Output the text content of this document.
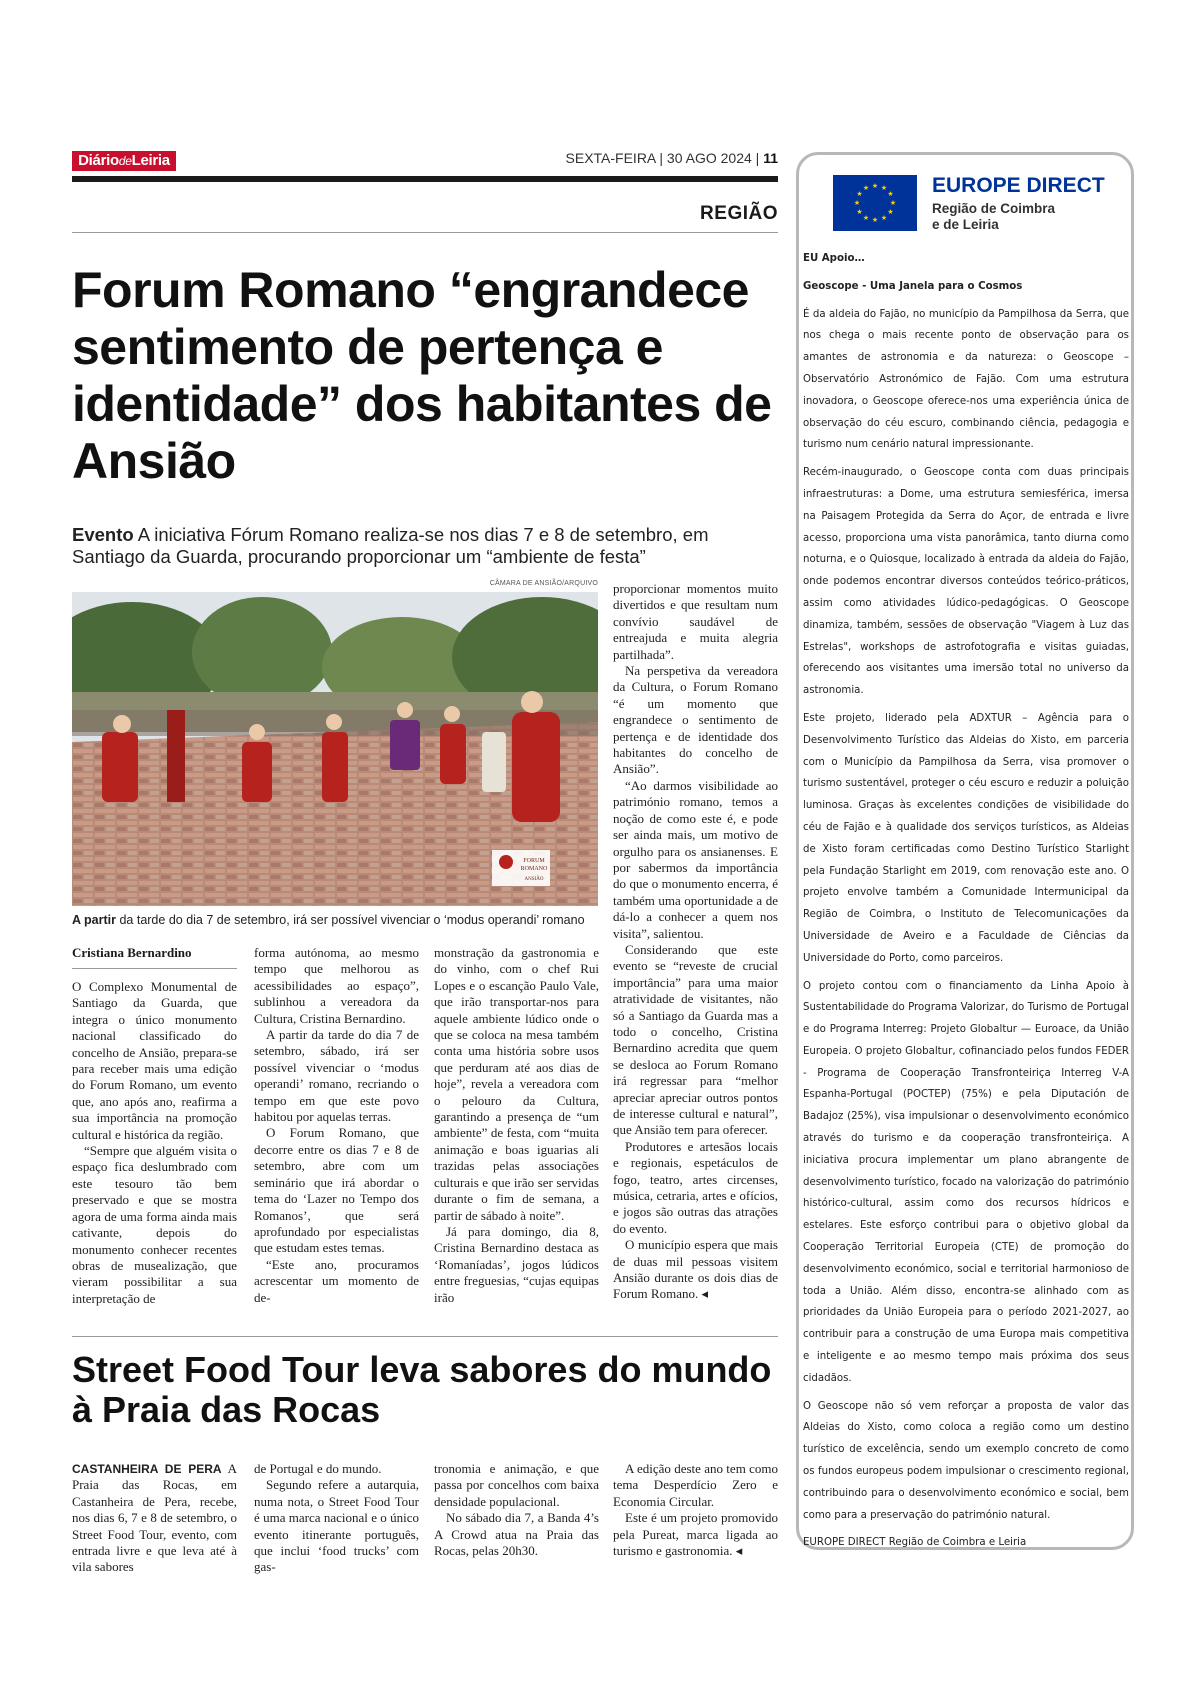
DiáriodeLeiria	SEXTA-FEIRA | 30 AGO 2024 | 11
REGIÃO
Forum Romano “engrandece sentimento de pertença e identidade” dos habitantes de Ansião
Evento A iniciativa Fórum Romano realiza-se nos dias 7 e 8 de setembro, em Santiago da Guarda, procurando proporcionar um “ambiente de festa”
CÂMARA DE ANSIÃO/ARQUIVO
FORUM
ROMANO
ANSIÃO
A partir da tarde do dia 7 de setembro, irá ser possível vivenciar o ‘modus operandi’ romano
Cristiana Bernardino

O Complexo Monumental de Santiago da Guarda, que integra o único monumento nacional classificado do concelho de Ansião, prepara-se para receber mais uma edição do Forum Romano, um evento que, ano após ano, reafirma a sua importância na promoção cultural e histórica da região.

“Sempre que alguém visita o espaço fica deslumbrado com este tesouro tão bem preservado e que se mostra agora de uma forma ainda mais cativante, depois do monumento conhecer recentes obras de musealização, que vieram possibilitar a sua interpretação de

forma autónoma, ao mesmo tempo que melhorou as acessibilidades ao espaço”, sublinhou a vereadora da Cultura, Cristina Bernardino.

A partir da tarde do dia 7 de setembro, sábado, irá ser possível vivenciar o ‘modus operandi’ romano, recriando o tempo em que este povo habitou por aquelas terras.

O Forum Romano, que decorre entre os dias 7 e 8 de setembro, abre com um seminário que irá abordar o tema do ‘Lazer no Tempo dos Romanos’, que será aprofundado por especialistas que estudam estes temas.

“Este ano, procuramos acrescentar um momento de de-

monstração da gastronomia e do vinho, com o chef Rui Lopes e o escanção Paulo Vale, que irão transportar-nos para aquele ambiente lúdico onde o que se coloca na mesa também conta uma história sobre usos que perduram até aos dias de hoje”, revela a vereadora com o pelouro da Cultura, garantindo a presença de “um ambiente” de festa, com “muita animação e boas iguarias ali trazidas pelas associações culturais e que irão ser servidas durante o fim de semana, a partir de sábado à noite”.

Já para domingo, dia 8, Cristina Bernardino destaca as ‘Romaníadas’, jogos lúdicos entre freguesias, “cujas equipas irão

proporcionar momentos muito divertidos e que resultam num convívio saudável de entreajuda e muita alegria partilhada”.

Na perspetiva da vereadora da Cultura, o Forum Romano “é um momento que engrandece o sentimento de pertença e de identidade dos habitantes do concelho de Ansião”.

“Ao darmos visibilidade ao património romano, temos a noção de como este é, e pode ser ainda mais, um motivo de orgulho para os ansianenses. E por sabermos da importância do que o monumento encerra, é também uma oportunidade a de dá-lo a conhecer a quem nos visita”, salientou.

Considerando que este evento se “reveste de crucial importância” para uma maior atratividade de visitantes, não só a Santiago da Guarda mas a todo o concelho, Cristina Bernardino acredita que quem se desloca ao Forum Romano irá regressar para “melhor apreciar apreciar outros pontos de interesse cultural e natural”, que Ansião tem para oferecer.

Produtores e artesãos locais e regionais, espetáculos de fogo, teatro, artes circenses, música, cetraria, artes e ofícios, e jogos são outras das atrações do evento.

O município espera que mais de duas mil pessoas visitem Ansião durante os dois dias de Forum Romano. ◂

Street Food Tour leva sabores do mundo à Praia das Rocas

CASTANHEIRA DE PERA A Praia das Rocas, em Castanheira de Pera, recebe, nos dias 6, 7 e 8 de setembro, o Street Food Tour, evento, com entrada livre e que leva até à vila sabores

de Portugal e do mundo.

Segundo refere a autarquia, numa nota, o Street Food Tour é uma marca nacional e o único evento itinerante português, que inclui ‘food trucks’ com gas-

tronomia e animação, e que passa por concelhos com baixa densidade populacional.

No sábado dia 7, a Banda 4’s A Crowd atua na Praia das Rocas, pelas 20h30.

A edição deste ano tem como tema Desperdício Zero e Economia Circular.

Este é um projeto promovido pela Pureat, marca ligada ao turismo e gastronomia. ◂

★ ★
★
★
★
★
★
★
★
★
★
★	EUROPE DIRECT
Região de Coimbra
e de Leiria

EU Apoio…

Geoscope - Uma Janela para o Cosmos

É da aldeia do Fajão, no município da Pampilhosa da Serra, que nos chega o mais recente ponto de observação para os amantes de astronomia e da natureza: o Geoscope – Observatório Astronómico de Fajão. Com uma estrutura inovadora, o Geoscope oferece-nos uma experiência única de observação do céu escuro, combinando ciência, pedagogia e turismo num cenário natural impressionante.

Recém-inaugurado, o Geoscope conta com duas principais infraestruturas: a Dome, uma estrutura semiesférica, imersa na Paisagem Protegida da Serra do Açor, de entrada e livre acesso, proporciona uma vista panorâmica, tanto diurna como noturna, e o Quiosque, localizado à entrada da aldeia do Fajão, onde podemos encontrar diversos conteúdos teórico-práticos, assim como atividades lúdico-pedagógicas. O Geoscope dinamiza, também, sessões de observação "Viagem à Luz das Estrelas", workshops de astrofotografia e visitas guiadas, oferecendo aos visitantes uma imersão total no universo da astronomia.

Este projeto, liderado pela ADXTUR – Agência para o Desenvolvimento Turístico das Aldeias do Xisto, em parceria com o Município da Pampilhosa da Serra, visa promover o turismo sustentável, proteger o céu escuro e reduzir a poluição luminosa. Graças às excelentes condições de visibilidade do céu de Fajão e à qualidade dos serviços turísticos, as Aldeias de Xisto foram certificadas como Destino Turístico Starlight pela Fundação Starlight em 2019, com renovação este ano. O projeto envolve também a Comunidade Intermunicipal da Região de Coimbra, o Instituto de Telecomunicações da Universidade de Aveiro e a Faculdade de Ciências da Universidade do Porto, como parceiros.

O projeto contou com o financiamento da Linha Apoio à Sustentabilidade do Programa Valorizar, do Turismo de Portugal e do Programa Interreg: Projeto Globaltur — Euroace, da União Europeia. O projeto Globaltur, cofinanciado pelos fundos FEDER - Programa de Cooperação Transfronteiriça Interreg V-A Espanha-Portugal (POCTEP) (75%) e pela Diputación de Badajoz (25%), visa impulsionar o desenvolvimento económico através do turismo e da cooperação transfronteiriça. A iniciativa procura implementar um plano abrangente de desenvolvimento turístico, focado na valorização do património histórico-cultural, assim como dos recursos hídricos e estelares. Este esforço contribui para o objetivo global da Cooperação Territorial Europeia (CTE) de promoção do desenvolvimento económico, social e territorial harmonioso de toda a União. Além disso, encontra-se alinhado com as prioridades da União Europeia para o período 2021-2027, ao contribuir para a construção de uma Europa mais competitiva e inteligente e ao mesmo tempo mais próxima dos seus cidadãos.

O Geoscope não só vem reforçar a proposta de valor das Aldeias do Xisto, como coloca a região como um destino turístico de excelência, sendo um exemplo concreto de como os fundos europeus podem impulsionar o crescimento regional, contribuindo para o desenvolvimento económico e social, bem como para a preservação do património natural.

EUROPE DIRECT Região de Coimbra e Leiria
